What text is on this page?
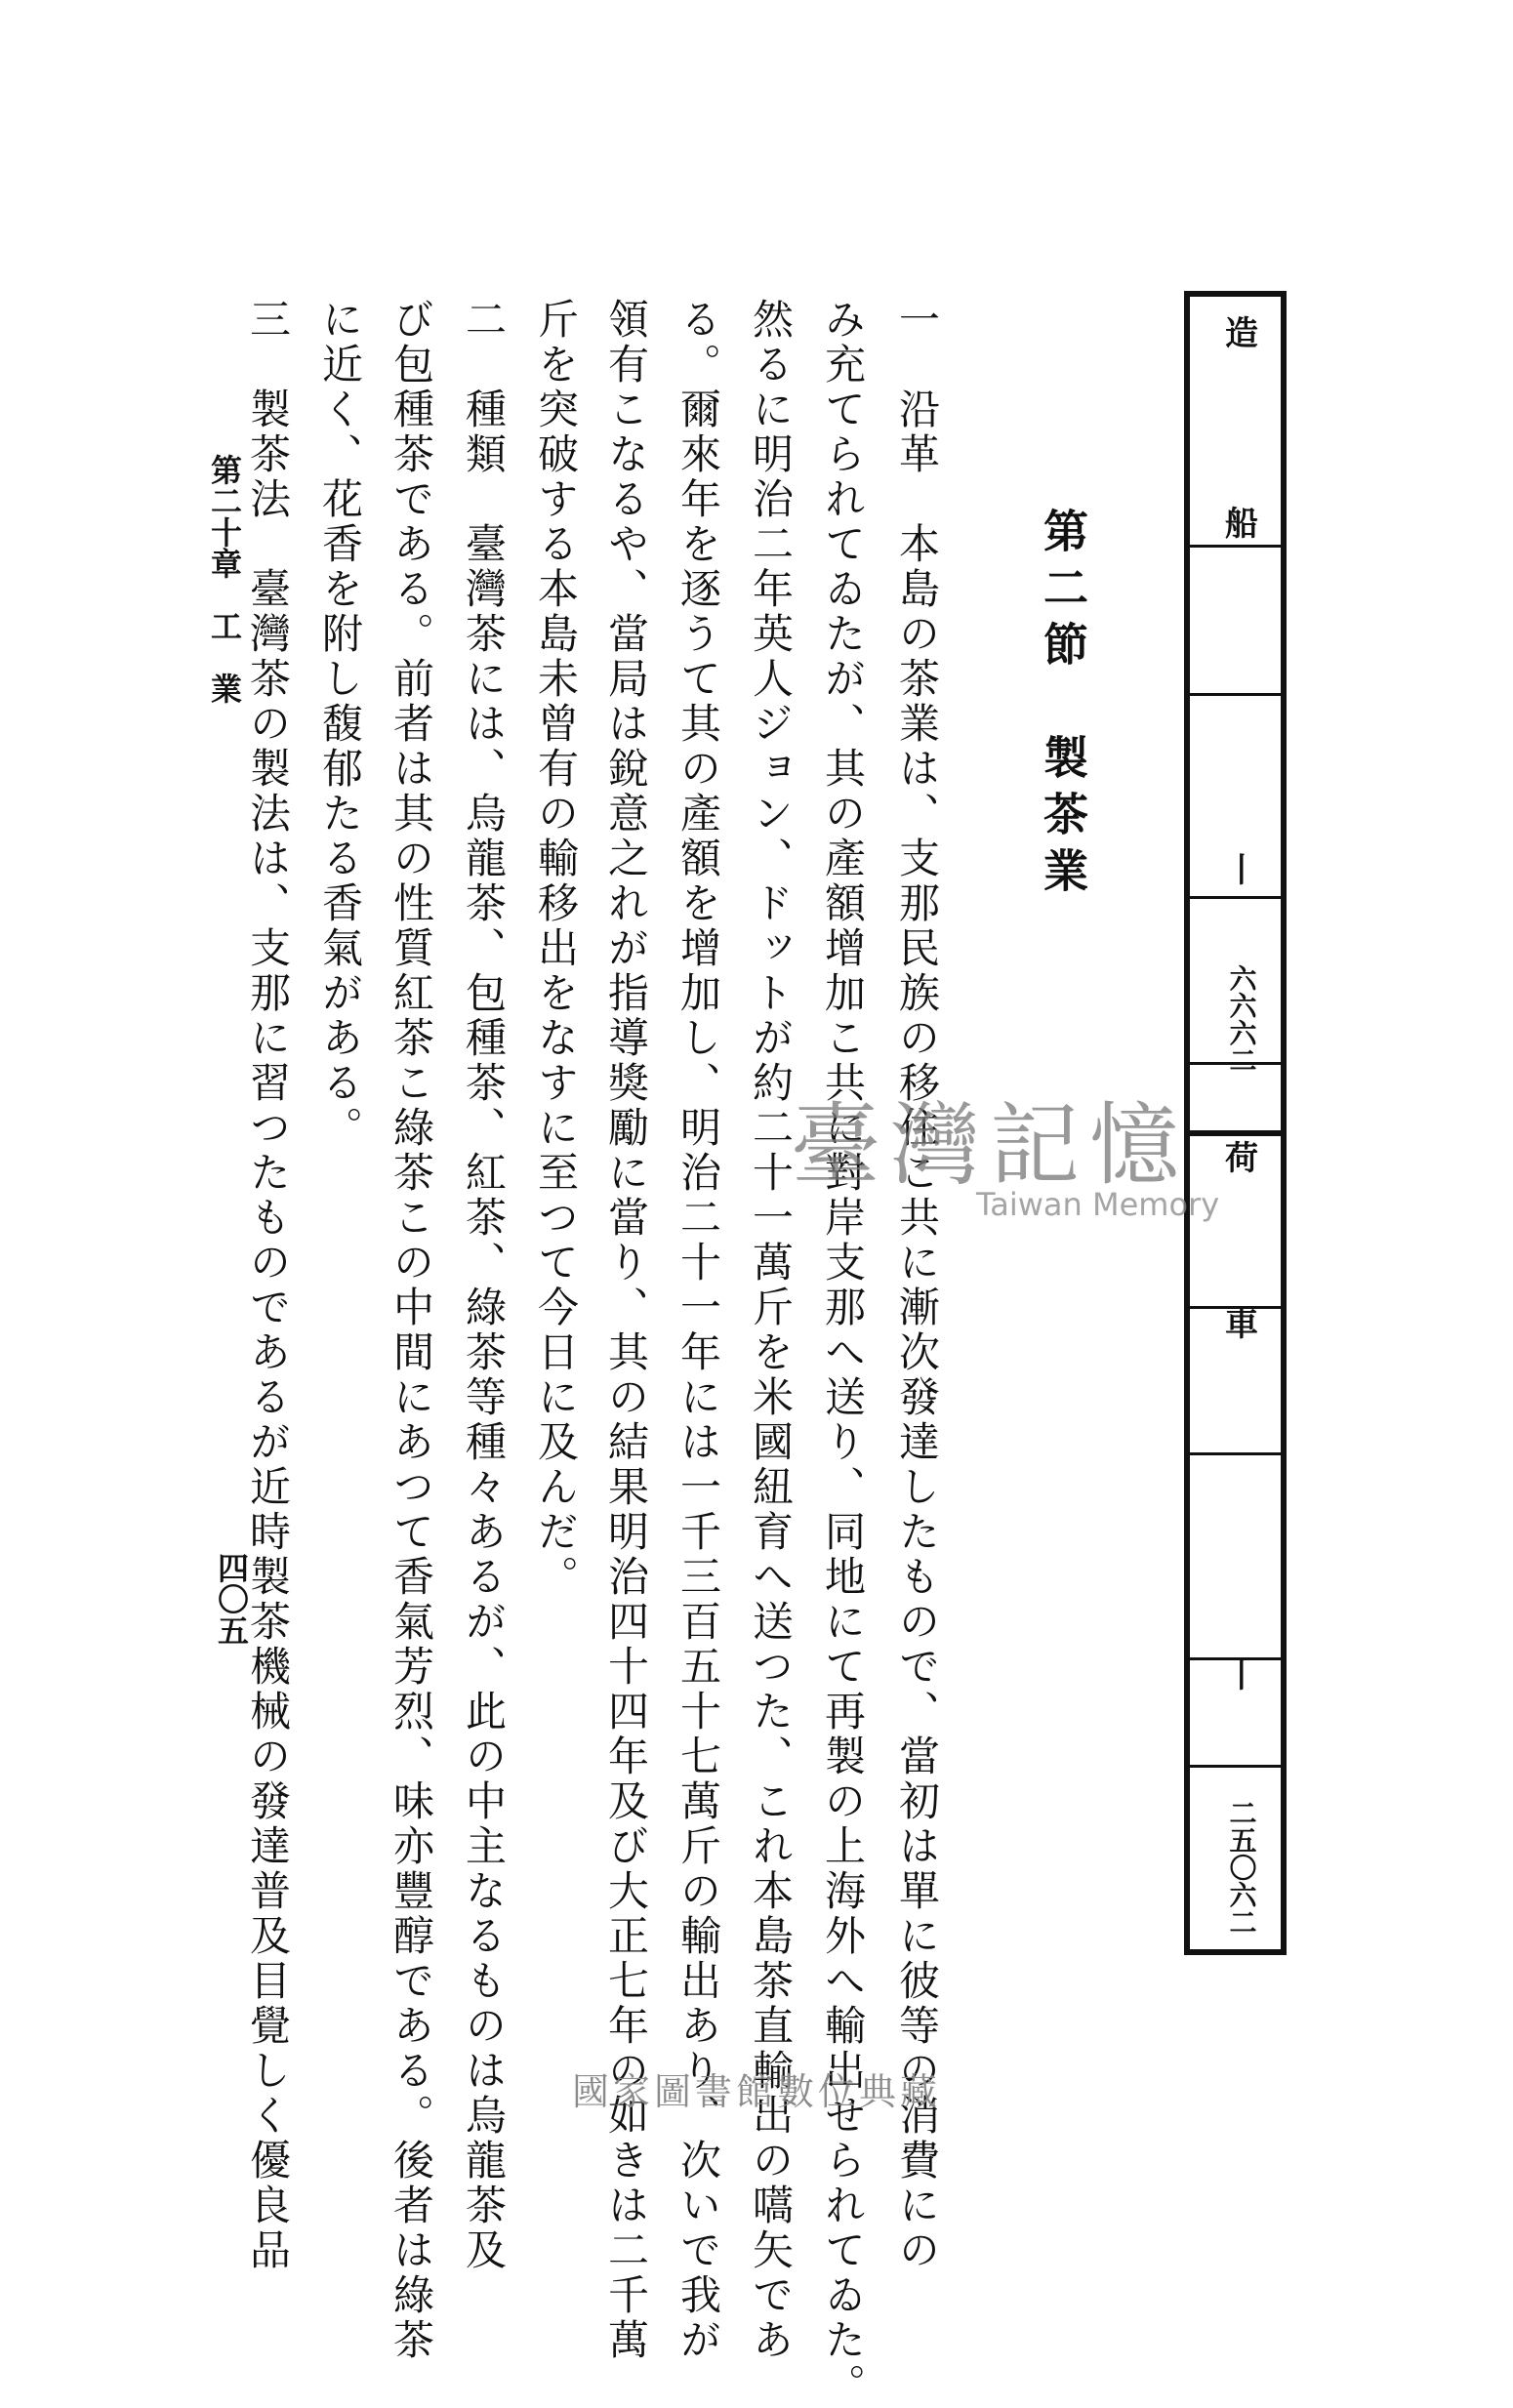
造
船
丨
六六六二
荷
車
丨
二五〇六二
第二節　製茶業
一　沿革　本島の茶業は、支那民族の移住こ共に漸次發達したもので、當初は單に彼等の消費にの
み充てられてゐたが、其の產額增加こ共に對岸支那へ送り、同地にて再製の上海外へ輸出せられてゐた。
然るに明治二年英人ジョン、ドットが約二十一萬斤を米國紐育へ送つた、これ本島茶直輸出の嚆矢であ
る。爾來年を逐うて其の產額を增加し、明治二十一年には一千三百五十七萬斤の輸出あり、次いで我が
領有こなるや、當局は銳意之れが指導獎勵に當り、其の結果明治四十四年及び大正七年の如きは二千萬
斤を突破する本島未曾有の輸移出をなすに至つて今日に及んだ。
二　種類　臺灣茶には、烏龍茶、包種茶、紅茶、綠茶等種々あるが、此の中主なるものは烏龍茶及
び包種茶である。前者は其の性質紅茶こ綠茶この中間にあつて香氣芳烈、味亦豐醇である。後者は綠茶
に近く、花香を附し馥郁たる香氣がある。
三　製茶法　臺灣茶の製法は、支那に習つたものであるが近時製茶機械の發達普及目覺しく優良品
第二十章　工　業
四〇五
臺灣記憶
Taiwan Memory
國家圖書館數位典藏
